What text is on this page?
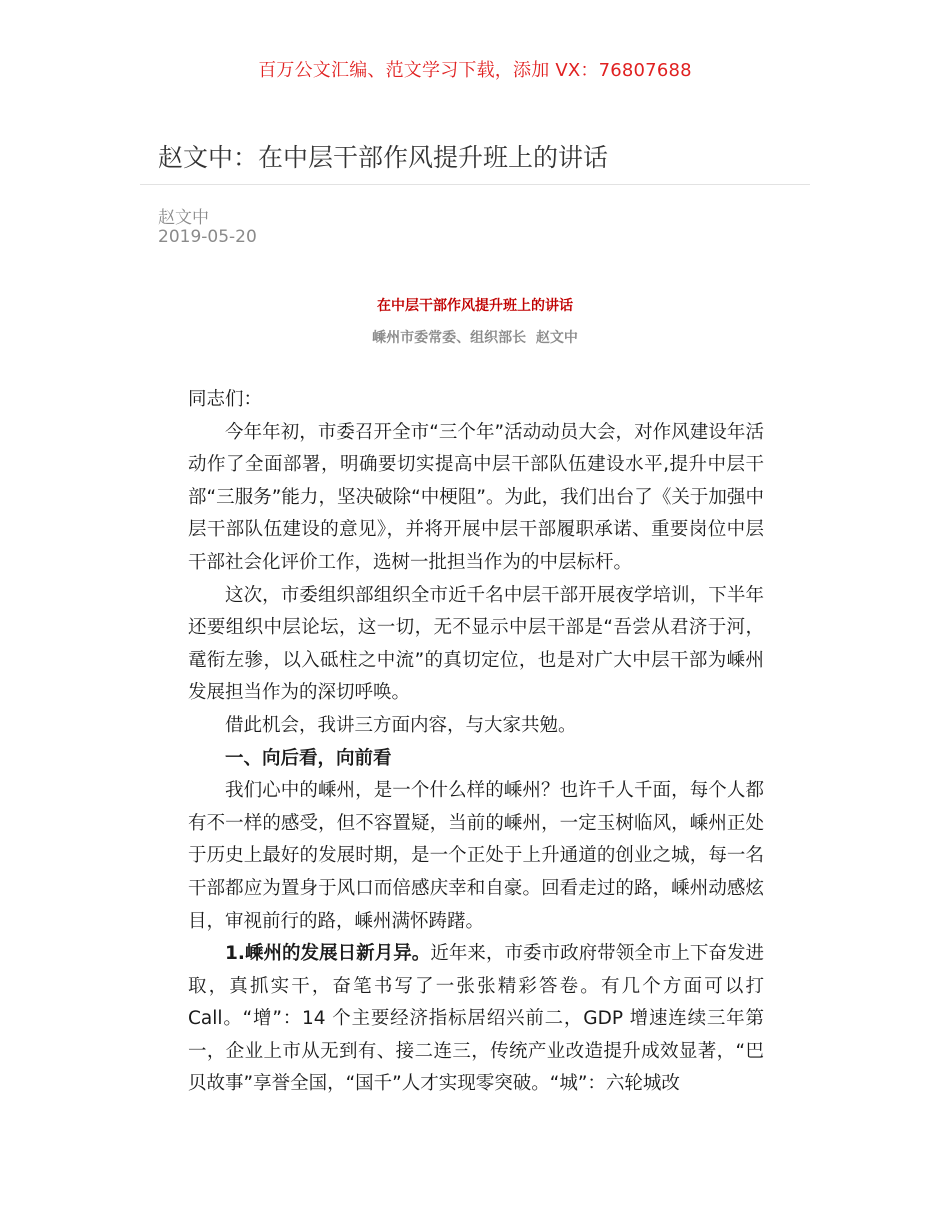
百万公文汇编、范文学习下载，添加 VX：76807688
赵文中：在中层干部作风提升班上的讲话
赵文中
2019-05-20
在中层干部作风提升班上的讲话
嵊州市委常委、组织部长  赵文中

同志们：

今年年初，市委召开全市“三个年”活动动员大会，对作风建设年活动作了全面部署，明确要切实提高中层干部队伍建设水平,提升中层干部“三服务”能力，坚决破除“中梗阻”。为此，我们出台了《关于加强中层干部队伍建设的意见》，并将开展中层干部履职承诺、重要岗位中层干部社会化评价工作，选树一批担当作为的中层标杆。

这次，市委组织部组织全市近千名中层干部开展夜学培训，下半年还要组织中层论坛，这一切，无不显示中层干部是“吾尝从君济于河，鼋衔左骖，以入砥柱之中流”的真切定位，也是对广大中层干部为嵊州发展担当作为的深切呼唤。

借此机会，我讲三方面内容，与大家共勉。

一、向后看，向前看

我们心中的嵊州，是一个什么样的嵊州？也许千人千面，每个人都有不一样的感受，但不容置疑，当前的嵊州，一定玉树临风，嵊州正处于历史上最好的发展时期，是一个正处于上升通道的创业之城，每一名干部都应为置身于风口而倍感庆幸和自豪。回看走过的路，嵊州动感炫目，审视前行的路，嵊州满怀踌躇。

1.嵊州的发展日新月异。近年来，市委市政府带领全市上下奋发进取，真抓实干，奋笔书写了一张张精彩答卷。有几个方面可以打Call。“增”：14 个主要经济指标居绍兴前二，GDP 增速连续三年第一，企业上市从无到有、接二连三，传统产业改造提升成效显著，“巴贝故事”享誉全国，“国千”人才实现零突破。“城”：六轮城改
